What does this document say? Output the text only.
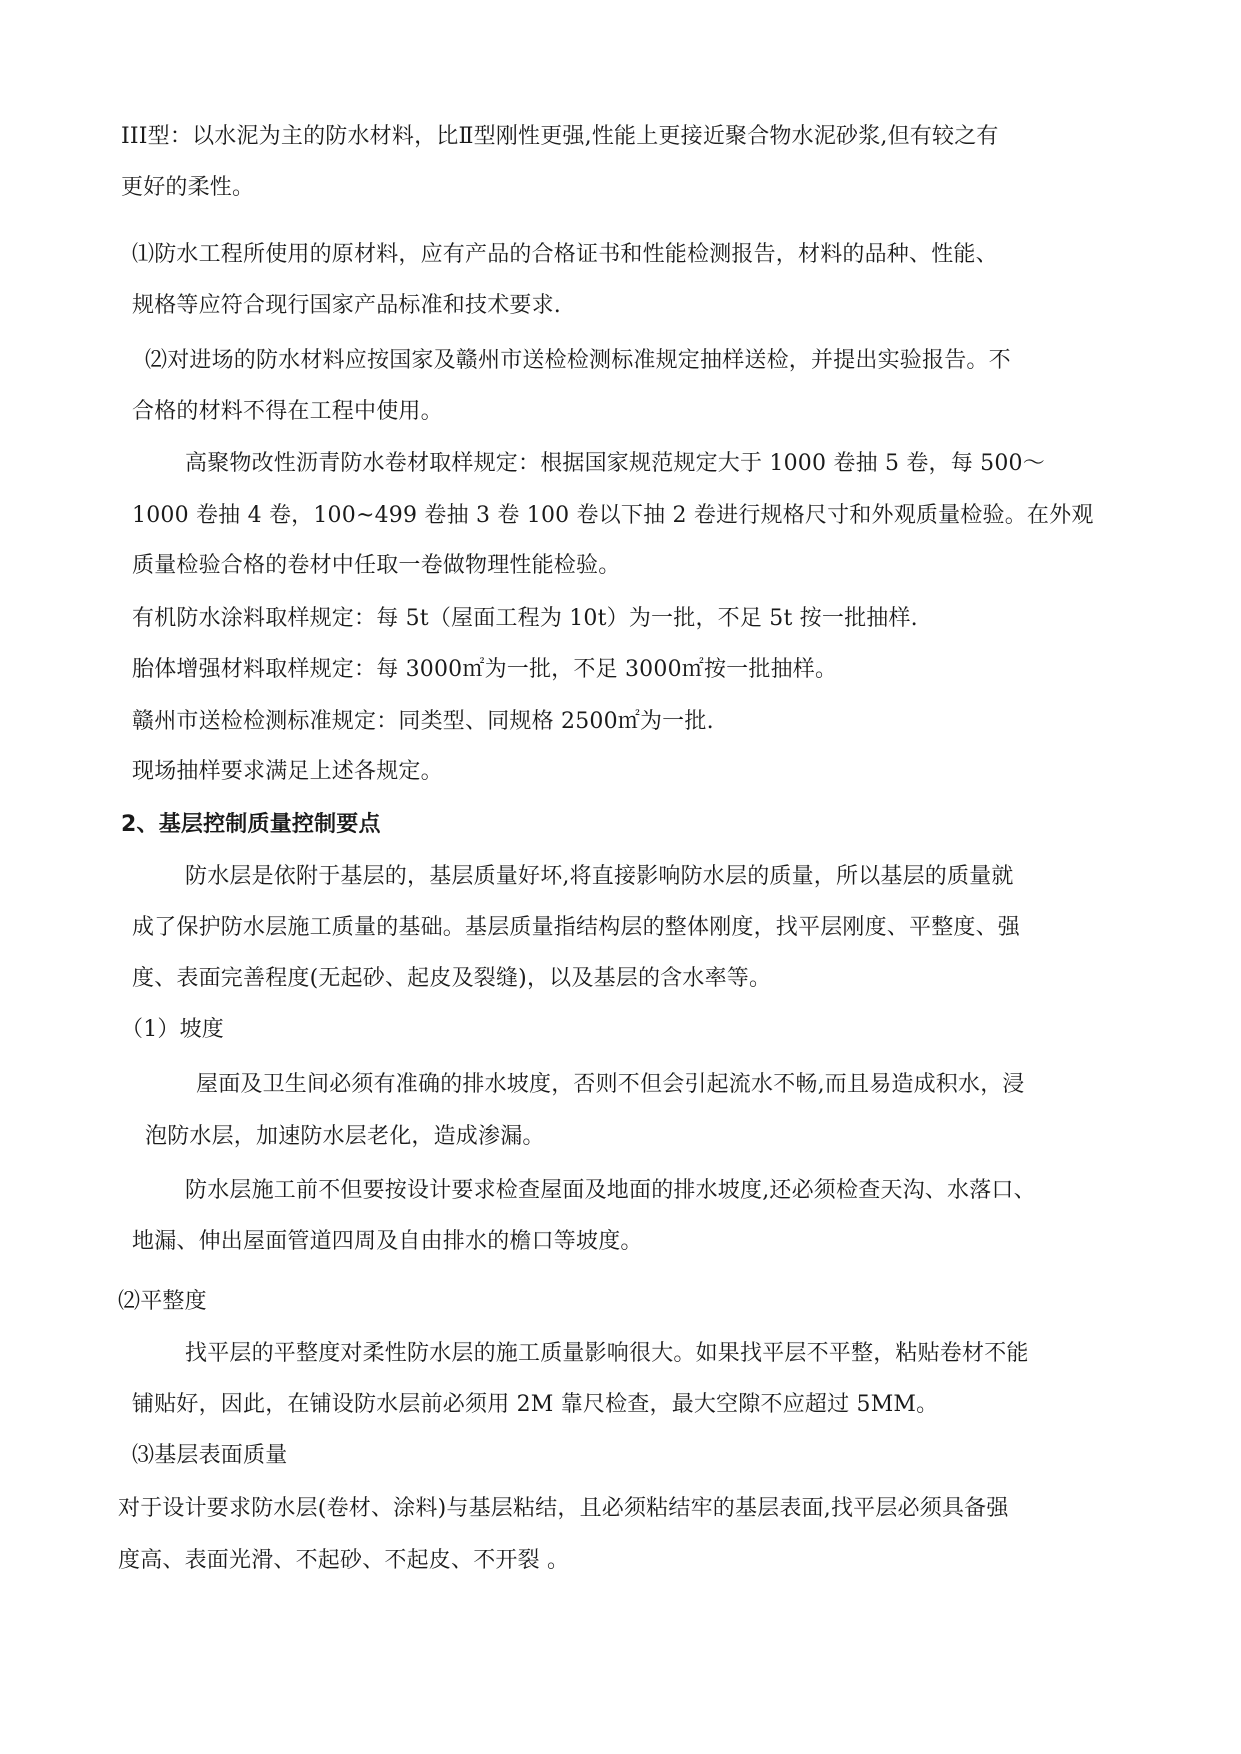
III型：以水泥为主的防水材料，比Ⅱ型刚性更强,性能上更接近聚合物水泥砂浆,但有较之有
更好的柔性。
⑴防水工程所使用的原材料，应有产品的合格证书和性能检测报告，材料的品种、性能、
规格等应符合现行国家产品标准和技术要求.
⑵对进场的防水材料应按国家及赣州市送检检测标准规定抽样送检，并提出实验报告。不
合格的材料不得在工程中使用。
高聚物改性沥青防水卷材取样规定：根据国家规范规定大于 1000 卷抽 5 卷，每 500～
1000 卷抽 4 卷，100~499 卷抽 3 卷 100 卷以下抽 2 卷进行规格尺寸和外观质量检验。在外观
质量检验合格的卷材中任取一卷做物理性能检验。
有机防水涂料取样规定：每 5t（屋面工程为 10t）为一批，不足 5t 按一批抽样.
胎体增强材料取样规定：每 3000㎡为一批，不足 3000㎡按一批抽样。
赣州市送检检测标准规定：同类型、同规格 2500㎡为一批.
现场抽样要求满足上述各规定。
2、基层控制质量控制要点
防水层是依附于基层的，基层质量好坏,将直接影响防水层的质量，所以基层的质量就
成了保护防水层施工质量的基础。基层质量指结构层的整体刚度，找平层刚度、平整度、强
度、表面完善程度(无起砂、起皮及裂缝)，以及基层的含水率等。
（1）坡度
屋面及卫生间必须有准确的排水坡度，否则不但会引起流水不畅,而且易造成积水，浸
泡防水层，加速防水层老化，造成渗漏。
防水层施工前不但要按设计要求检查屋面及地面的排水坡度,还必须检查天沟、水落口、
地漏、伸出屋面管道四周及自由排水的檐口等坡度。
⑵平整度
找平层的平整度对柔性防水层的施工质量影响很大。如果找平层不平整，粘贴卷材不能
铺贴好，因此，在铺设防水层前必须用 2M 靠尺检查，最大空隙不应超过 5MM。
⑶基层表面质量
对于设计要求防水层(卷材、涂料)与基层粘结，且必须粘结牢的基层表面,找平层必须具备强
度高、表面光滑、不起砂、不起皮、不开裂 。
